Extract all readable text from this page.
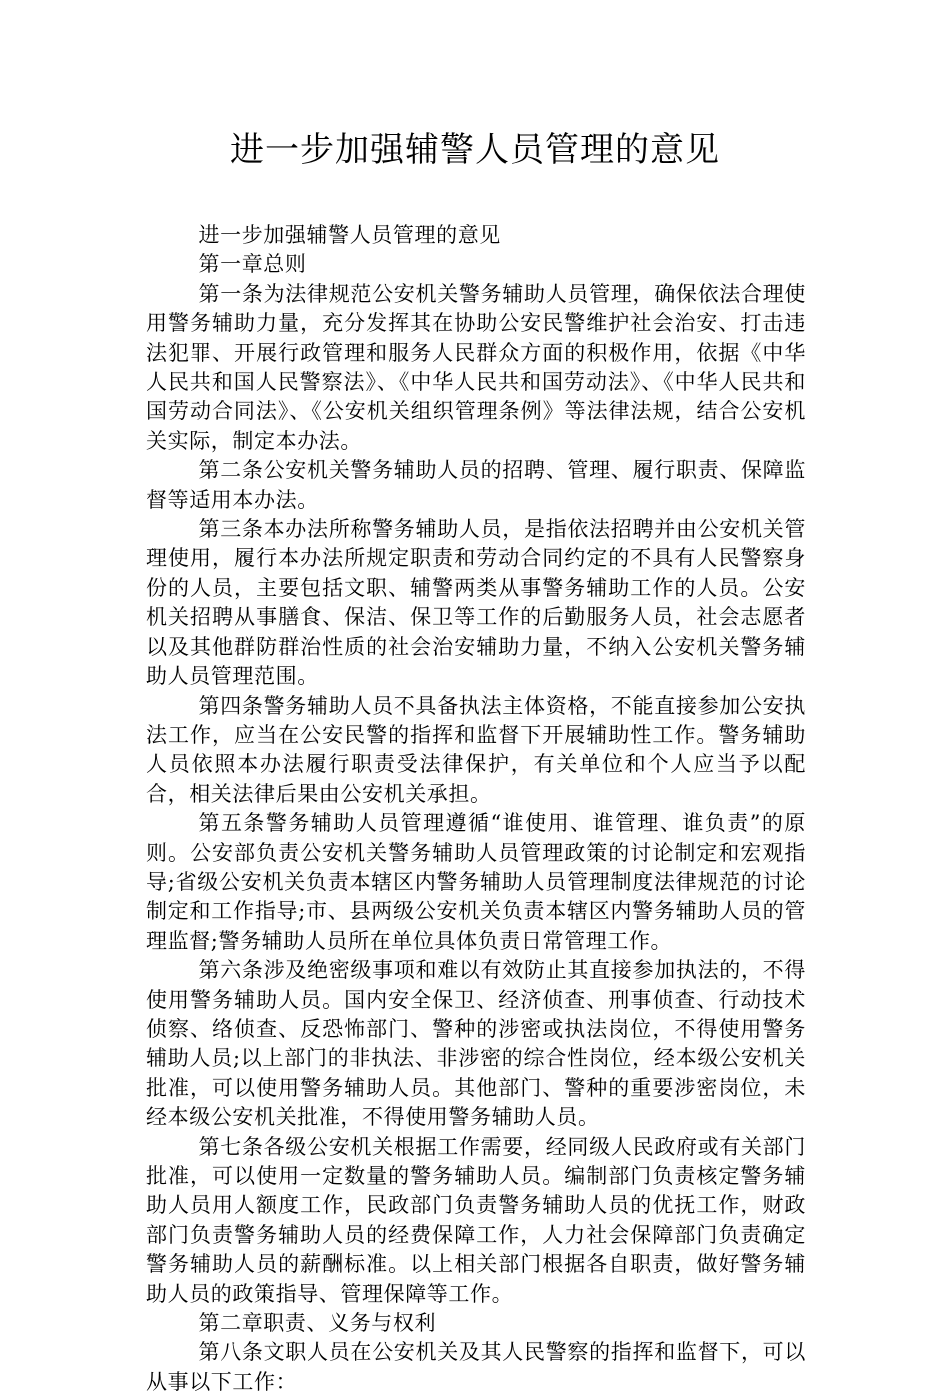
进一步加强辅警人员管理的意见

进一步加强辅警人员管理的意见

第一章总则

第一条为法律规范公安机关警务辅助人员管理，确保依法合理使用警务辅助力量，充分发挥其在协助公安民警维护社会治安、打击违法犯罪、开展行政管理和服务人民群众方面的积极作用，依据《中华人民共和国人民警察法》、《中华人民共和国劳动法》、《中华人民共和国劳动合同法》、《公安机关组织管理条例》等法律法规，结合公安机关实际，制定本办法。

第二条公安机关警务辅助人员的招聘、管理、履行职责、保障监督等适用本办法。

第三条本办法所称警务辅助人员，是指依法招聘并由公安机关管理使用，履行本办法所规定职责和劳动合同约定的不具有人民警察身份的人员，主要包括文职、辅警两类从事警务辅助工作的人员。公安机关招聘从事膳食、保洁、保卫等工作的后勤服务人员，社会志愿者以及其他群防群治性质的社会治安辅助力量，不纳入公安机关警务辅助人员管理范围。

第四条警务辅助人员不具备执法主体资格，不能直接参加公安执法工作，应当在公安民警的指挥和监督下开展辅助性工作。警务辅助人员依照本办法履行职责受法律保护，有关单位和个人应当予以配合，相关法律后果由公安机关承担。

第五条警务辅助人员管理遵循“谁使用、谁管理、谁负责”的原则。公安部负责公安机关警务辅助人员管理政策的讨论制定和宏观指导;省级公安机关负责本辖区内警务辅助人员管理制度法律规范的讨论制定和工作指导;市、县两级公安机关负责本辖区内警务辅助人员的管理监督;警务辅助人员所在单位具体负责日常管理工作。

第六条涉及绝密级事项和难以有效防止其直接参加执法的，不得使用警务辅助人员。国内安全保卫、经济侦查、刑事侦查、行动技术侦察、络侦查、反恐怖部门、警种的涉密或执法岗位，不得使用警务辅助人员;以上部门的非执法、非涉密的综合性岗位，经本级公安机关批准，可以使用警务辅助人员。其他部门、警种的重要涉密岗位，未经本级公安机关批准，不得使用警务辅助人员。

第七条各级公安机关根据工作需要，经同级人民政府或有关部门批准，可以使用一定数量的警务辅助人员。编制部门负责核定警务辅助人员用人额度工作，民政部门负责警务辅助人员的优抚工作，财政部门负责警务辅助人员的经费保障工作，人力社会保障部门负责确定警务辅助人员的薪酬标准。以上相关部门根据各自职责，做好警务辅助人员的政策指导、管理保障等工作。

第二章职责、义务与权利

第八条文职人员在公安机关及其人民警察的指挥和监督下，可以从事以下工作：
